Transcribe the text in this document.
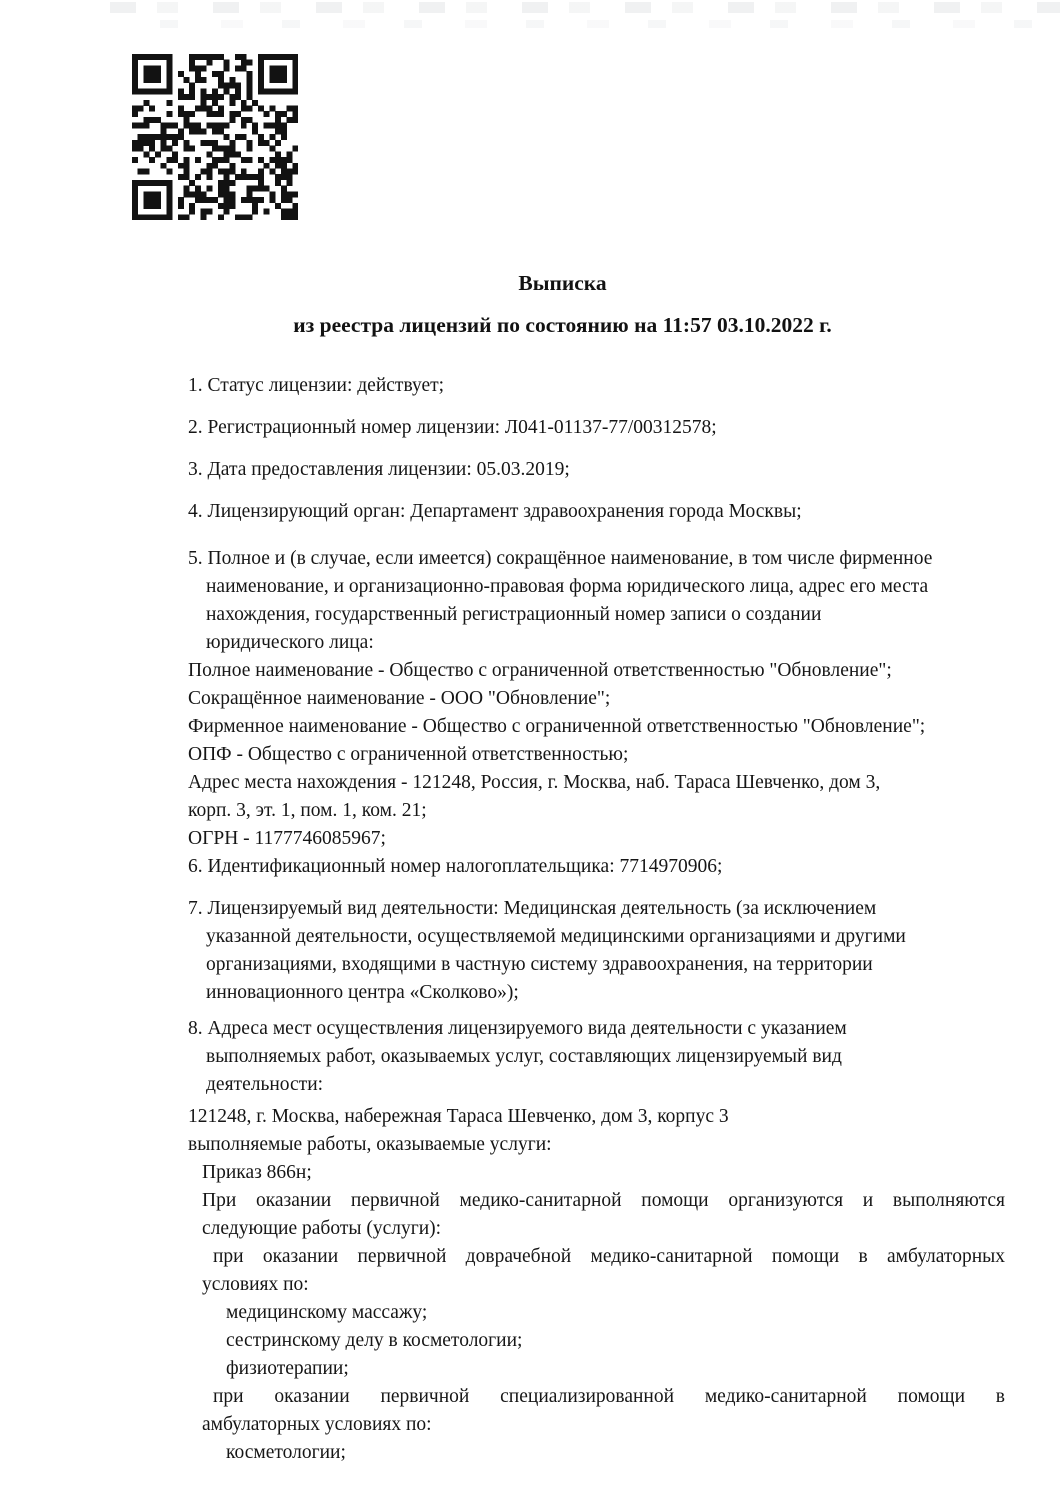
Выписка
из реестра лицензий по состоянию на 11:57 03.10.2022 г.
1. Статус лицензии: действует;
2. Регистрационный номер лицензии: Л041-01137-77/00312578;
3. Дата предоставления лицензии: 05.03.2019;
4. Лицензирующий орган: Департамент здравоохранения города Москвы;
5. Полное и (в случае, если имеется) сокращённое наименование, в том числе фирменное
наименование, и организационно-правовая форма юридического лица, адрес его места
нахождения, государственный регистрационный номер записи о создании
юридического лица:
Полное наименование - Общество с ограниченной ответственностью "Обновление";
Сокращённое наименование - ООО "Обновление";
Фирменное наименование - Общество с ограниченной ответственностью "Обновление";
ОПФ - Общество с ограниченной ответственностью;
Адрес места нахождения - 121248, Россия, г. Москва, наб. Тараса Шевченко, дом 3,
корп. 3, эт. 1, пом. 1, ком. 21;
ОГРН - 1177746085967;
6. Идентификационный номер налогоплательщика: 7714970906;
7. Лицензируемый вид деятельности: Медицинская деятельность (за исключением
указанной деятельности, осуществляемой медицинскими организациями и другими
организациями, входящими в частную систему здравоохранения, на территории
инновационного центра «Сколково»);
8. Адреса мест осуществления лицензируемого вида деятельности с указанием
выполняемых работ, оказываемых услуг, составляющих лицензируемый вид
деятельности:
121248, г. Москва, набережная Тараса Шевченко, дом 3, корпус 3
выполняемые работы, оказываемые услуги:
Приказ 866н;
При оказании первичной медико-санитарной помощи организуются и выполняются
следующие работы (услуги):
при оказании первичной доврачебной медико-санитарной помощи в амбулаторных
условиях по:
медицинскому массажу;
сестринскому делу в косметологии;
физиотерапии;
при оказании первичной специализированной медико-санитарной помощи в
амбулаторных условиях по:
косметологии;
